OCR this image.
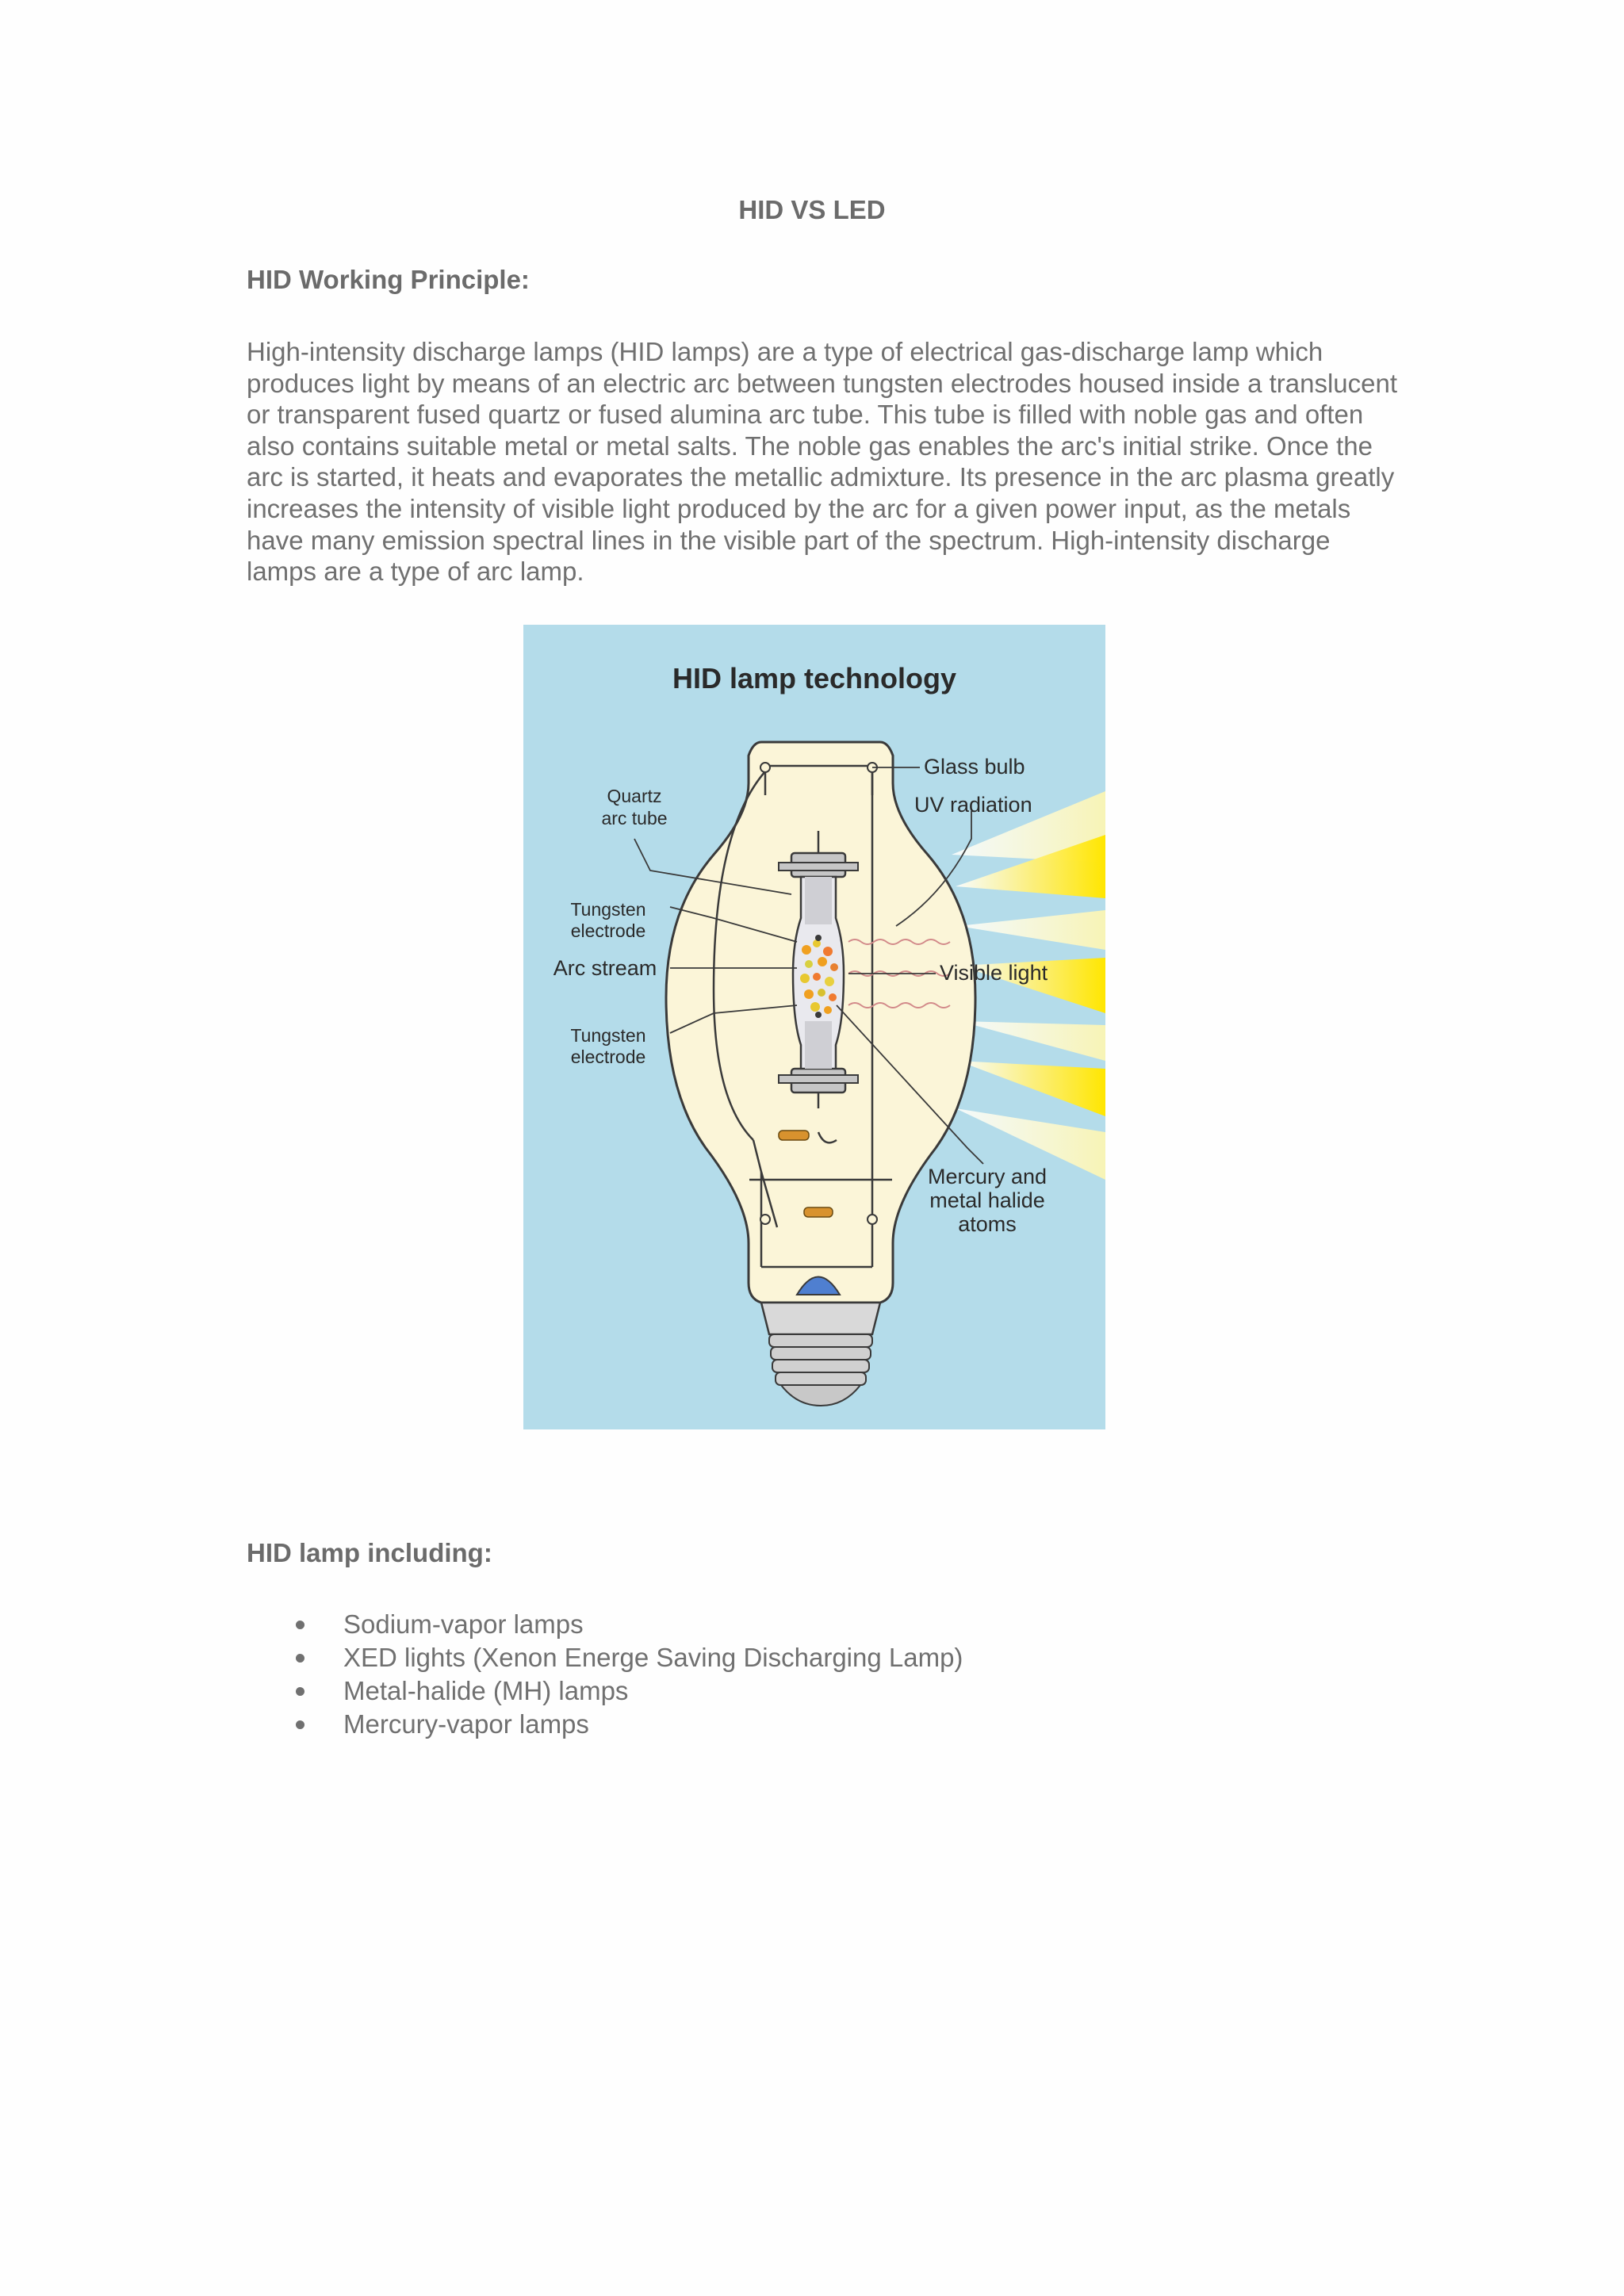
HID VS LED
HID Working Principle:
High-intensity discharge lamps (HID lamps) are a type of electrical gas-discharge lamp which produces light by means of an electric arc between tungsten electrodes housed inside a translucent or transparent fused quartz or fused alumina arc tube. This tube is filled with noble gas and often also contains suitable metal or metal salts. The noble gas enables the arc's initial strike. Once the arc is started, it heats and evaporates the metallic admixture. Its presence in the arc plasma greatly increases the intensity of visible light produced by the arc for a given power input, as the metals have many emission spectral lines in the visible part of the spectrum. High-intensity discharge lamps are a type of arc lamp.
HID lamp technology
Glass bulb
UV radiation
Quartz
arc tube
Tungsten
electrode
Arc stream	Visible light
Tungsten
electrode
Mercury and
metal halide
atoms
HID lamp including:
Sodium-vapor lamps
XED lights (Xenon Energe Saving Discharging Lamp)
Metal-halide (MH) lamps
Mercury-vapor lamps
